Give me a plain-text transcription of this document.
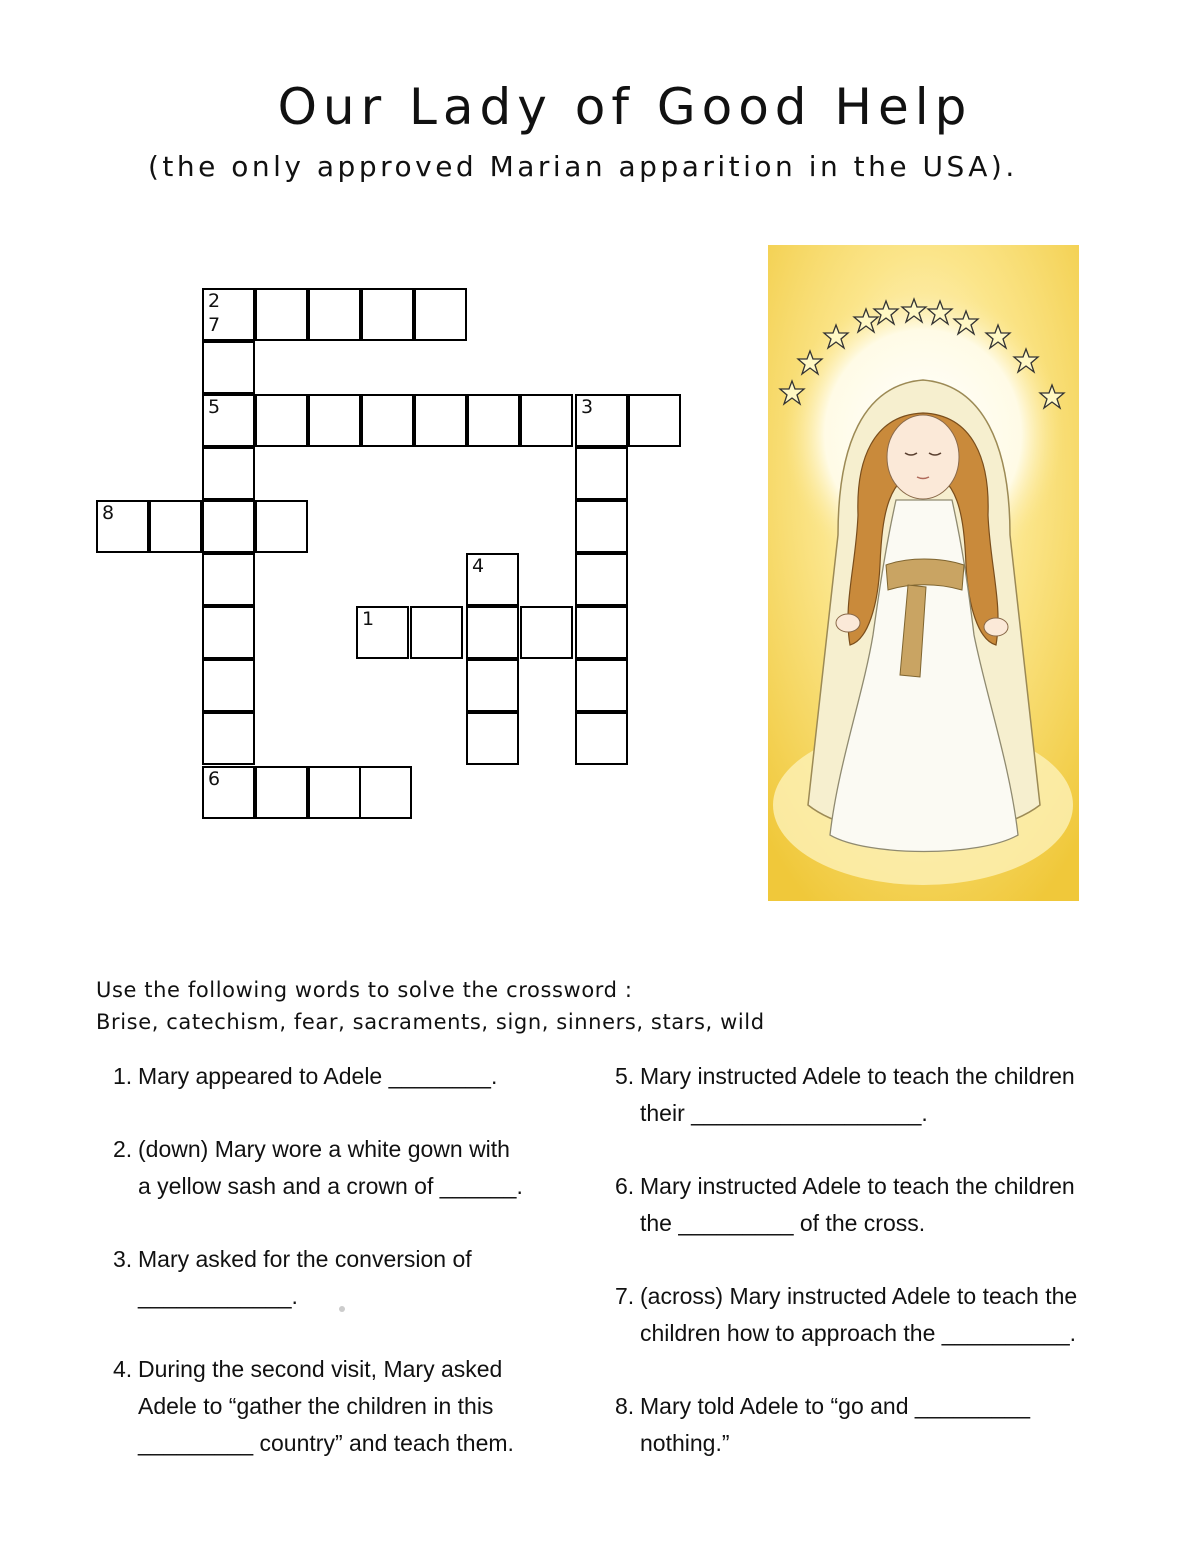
Our Lady of Good Help

(the only approved Marian apparition in the USA).

2
7
5	3
8
4
1
6
Use the following words to solve the crossword :
Brise, catechism, fear, sacraments, sign, sinners, stars, wild
1. Mary appeared to Adele ________.
2. (down) Mary wore a white gown with
a yellow sash and a crown of ______.
3. Mary asked for the conversion of
____________.
4. During the second visit, Mary asked
Adele to “gather the children in this
_________ country” and teach them.
5. Mary instructed Adele to teach the children
their __________________.
6. Mary instructed Adele to teach the children
the _________ of the cross.
7. (across) Mary instructed Adele to teach the
children how to approach the __________.
8. Mary told Adele to “go and _________
nothing.”
